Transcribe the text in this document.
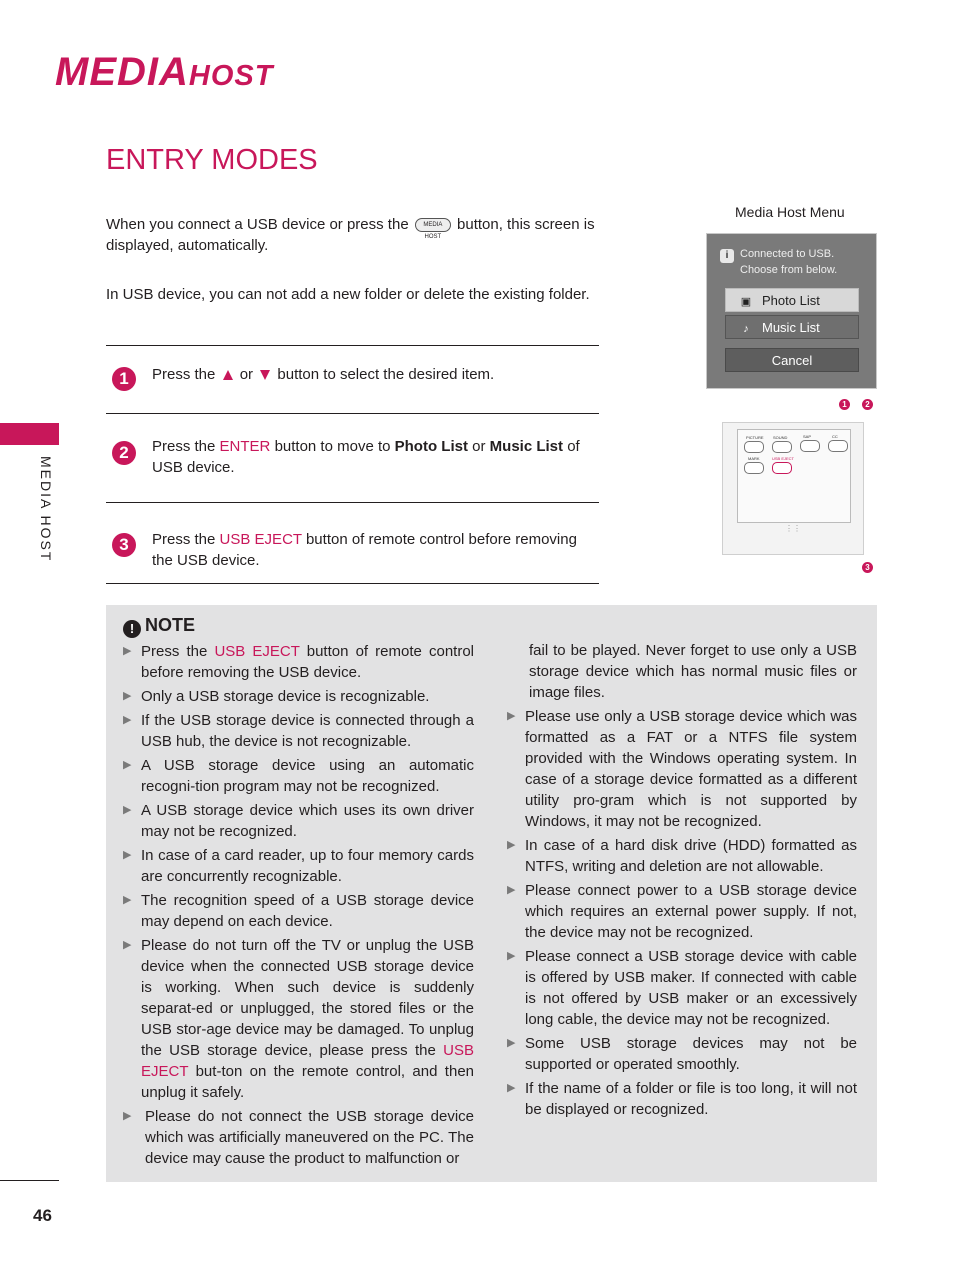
MEDIAHOST
ENTRY MODES
When you connect a USB device or press the MEDIA HOST button, this screen is displayed, automatically.
In USB device, you can not add a new folder or delete the existing folder.
1	Press the or button to select the desired item.
2	Press the ENTER button to move to Photo List or Music List of USB device.
3	Press the USB EJECT button of remote control before removing the USB device.
Media Host Menu
i	Connected to USB.
Choose from below.
▣ Photo List
♪ Music List
Cancel
1	2
PICTURE SOUND	SAP	CC
MARK	USB EJECT
⋮⋮
3
MEDIA HOST
46
! NOTE

▶ Press the USB EJECT button of remote control before removing the USB device.

▶ Only a USB storage device is recognizable.

▶ If the USB storage device is connected through a USB hub, the device is not recognizable.

▶ A USB storage device using an automatic recogni-tion program may not be recognized.

▶ A USB storage device which uses its own driver may not be recognized.

▶ In case of a card reader, up to four memory cards are concurrently recognizable.

▶ The recognition speed of a USB storage device may depend on each device.

▶ Please do not turn off the TV or unplug the USB device when the connected USB storage device is working. When such device is suddenly separat-ed or unplugged, the stored files or the USB stor-age device may be damaged. To unplug the USB storage device, please press the USB EJECT but-ton on the remote control, and then unplug it safely.

▶ Please do not connect the USB storage device which was artificially maneuvered on the PC. The device may cause the product to malfunction or

fail to be played. Never forget to use only a USB storage device which has normal music files or image files.

▶ Please use only a USB storage device which was formatted as a FAT or a NTFS file system provided with the Windows operating system. In case of a storage device formatted as a different utility pro-gram which is not supported by Windows, it may not be recognized.

▶ In case of a hard disk drive (HDD) formatted as NTFS, writing and deletion are not allowable.

▶ Please connect power to a USB storage device which requires an external power supply. If not, the device may not be recognized.

▶ Please connect a USB storage device with cable is offered by USB maker. If connected with cable is not offered by USB maker or an excessively long cable, the device may not be recognized.

▶ Some USB storage devices may not be supported or operated smoothly.

▶ If the name of a folder or file is too long, it will not be displayed or recognized.
